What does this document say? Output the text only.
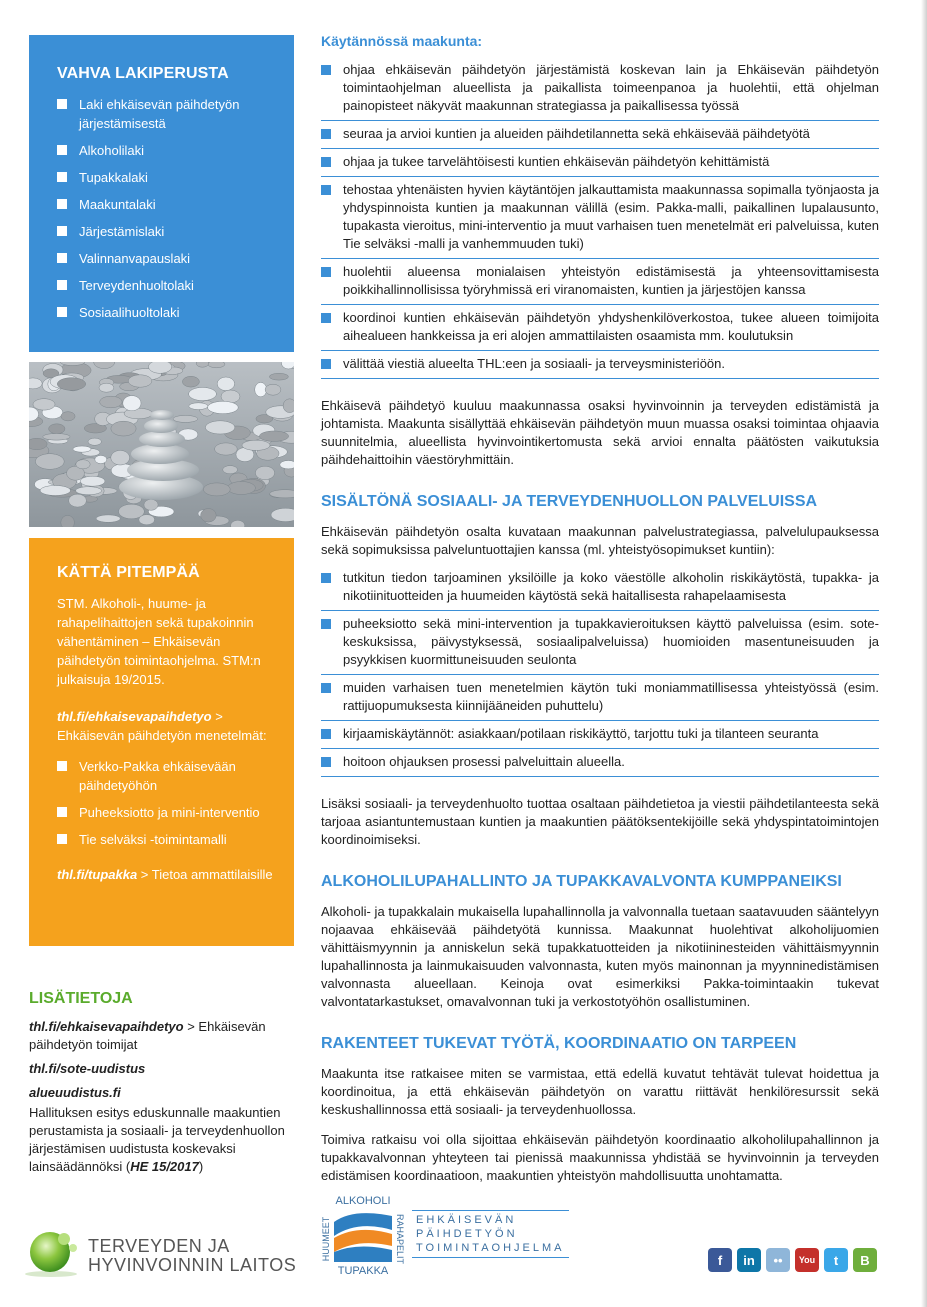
VAHVA LAKIPERUSTA
Laki ehkäisevän päihdetyön järjestämisestä
Alkoholilaki
Tupakkalaki
Maakuntalaki
Järjestämislaki
Valinnanvapauslaki
Terveydenhuoltolaki
Sosiaalihuoltolaki
KÄTTÄ PITEMPÄÄ

STM. Alkoholi-, huume- ja rahapelihaittojen sekä tupakoinnin vähentäminen – Ehkäisevän päihdetyön toimintaohjelma. STM:n julkaisuja 19/2015.

thl.fi/ehkaisevapaihdetyo > Ehkäisevän päihdetyön menetelmät:

Verkko-Pakka ehkäisevään päihdetyöhön
Puheeksiotto ja mini-interventio
Tie selväksi -toimintamalli

thl.fi/tupakka > Tietoa ammattilaisille

LISÄTIETOJA

thl.fi/ehkaisevapaihdetyo > Ehkäisevän päihdetyön toimijat

thl.fi/sote-uudistus

alueuudistus.fi

Hallituksen esitys eduskunnalle maakuntien perustamista ja sosiaali- ja terveydenhuollon järjestämisen uudistusta koskevaksi lainsäädännöksi (HE 15/2017)

Käytännössä maakunta:
ohjaa ehkäisevän päihdetyön järjestämistä koskevan lain ja Ehkäisevän päihdetyön toimintaohjelman alueellista ja paikallista toimeenpanoa ja huolehtii, että ohjelman painopisteet näkyvät maakunnan strategiassa ja paikallisessa työssä
seuraa ja arvioi kuntien ja alueiden päihdetilannetta sekä ehkäisevää päihdetyötä
ohjaa ja tukee tarvelähtöisesti kuntien ehkäisevän päihdetyön kehittämistä
tehostaa yhtenäisten hyvien käytäntöjen jalkauttamista maakunnassa sopimalla työnjaosta ja yhdyspinnoista kuntien ja maakunnan välillä (esim. Pakka-malli, paikallinen lupalausunto, tupakasta vieroitus, mini-interventio ja muut varhaisen tuen menetelmät eri palveluissa, kuten Tie selväksi -malli ja vanhemmuuden tuki)
huolehtii alueensa monialaisen yhteistyön edistämisestä ja yhteensovittamisesta poikkihallinnollisissa työryhmissä eri viranomaisten, kuntien ja järjestöjen kanssa
koordinoi kuntien ehkäisevän päihdetyön yhdyshenkilöverkostoa, tukee alueen toimijoita aihealueen hankkeissa ja eri alojen ammattilaisten osaamista mm. koulutuksin
välittää viestiä alueelta THL:een ja sosiaali- ja terveysministeriöön.

Ehkäisevä päihdetyö kuuluu maakunnassa osaksi hyvinvoinnin ja terveyden edistämistä ja johtamista. Maakunta sisällyttää ehkäisevän päihdetyön muun muassa osaksi toimintaa ohjaavia suunnitelmia, alueellista hyvinvointikertomusta sekä arvioi ennalta päätösten vaikutuksia päihdehaittoihin väestöryhmittäin.

SISÄLTÖNÄ SOSIAALI- JA TERVEYDENHUOLLON PALVELUISSA

Ehkäisevän päihdetyön osalta kuvataan maakunnan palvelustrategiassa, palvelulupauksessa sekä sopimuksissa palveluntuottajien kanssa (ml. yhteistyösopimukset kuntiin):

tutkitun tiedon tarjoaminen yksilöille ja koko väestölle alkoholin riskikäytöstä, tupakka- ja nikotiinituotteiden ja huumeiden käytöstä sekä haitallisesta rahapelaamisesta
puheeksiotto sekä mini-intervention ja tupakkavieroituksen käyttö palveluissa (esim. sote-keskuksissa, päivystyksessä, sosiaalipalveluissa) huomioiden masentuneisuuden ja psyykkisen kuormittuneisuuden seulonta
muiden varhaisen tuen menetelmien käytön tuki moniammatillisessa yhteistyössä (esim. rattijuopumuksesta kiinnijääneiden puhuttelu)
kirjaamiskäytännöt: asiakkaan/potilaan riskikäyttö, tarjottu tuki ja tilanteen seuranta
hoitoon ohjauksen prosessi palveluittain alueella.

Lisäksi sosiaali- ja terveydenhuolto tuottaa osaltaan päihdetietoa ja viestii päihdetilanteesta sekä tarjoaa asiantuntemustaan kuntien ja maakuntien päätöksentekijöille sekä yhdyspintatoimintojen koordinoimiseksi.

ALKOHOLILUPAHALLINTO JA TUPAKKAVALVONTA KUMPPANEIKSI

Alkoholi- ja tupakkalain mukaisella lupahallinnolla ja valvonnalla tuetaan saatavuuden sääntelyyn nojaavaa ehkäisevää päihdetyötä kunnissa. Maakunnat huolehtivat alkoholijuomien vähittäismyynnin ja anniskelun sekä tupakkatuotteiden ja nikotiininesteiden vähittäismyynnin lupahallinnosta ja lainmukaisuuden valvonnasta, kuten myös mainonnan ja myynninedistämisen valvonnasta alueellaan. Keinoja ovat esimerkiksi Pakka-toimintaakin tukevat valvontatarkastukset, omavalvonnan tuki ja verkostotyöhön osallistuminen.

RAKENTEET TUKEVAT TYÖTÄ, KOORDINAATIO ON TARPEEN

Maakunta itse ratkaisee miten se varmistaa, että edellä kuvatut tehtävät tulevat hoidettua ja koordinoitua, ja että ehkäisevän päihdetyön on varattu riittävät henkilöresurssit sekä keskushallinnossa että sosiaali- ja terveydenhuollossa.

Toimiva ratkaisu voi olla sijoittaa ehkäisevän päihdetyön koordinaatio alkoholilupahallinnon ja tupakkavalvonnan yhteyteen tai pienissä maakunnissa yhdistää se hyvinvoinnin ja terveyden edistämisen koordinaatioon, maakuntien yhteistyön mahdollisuutta unohtamatta.

TERVEYDEN JA
HYVINVOINNIN LAITOS
ALKOHOLI
TUPAKKA
HUUMEET	RAHAPELIT EHKÄISEVÄN
PÄIHDETYÖN
TOIMINTAOHJELMA
f	in	••	You	t	B
